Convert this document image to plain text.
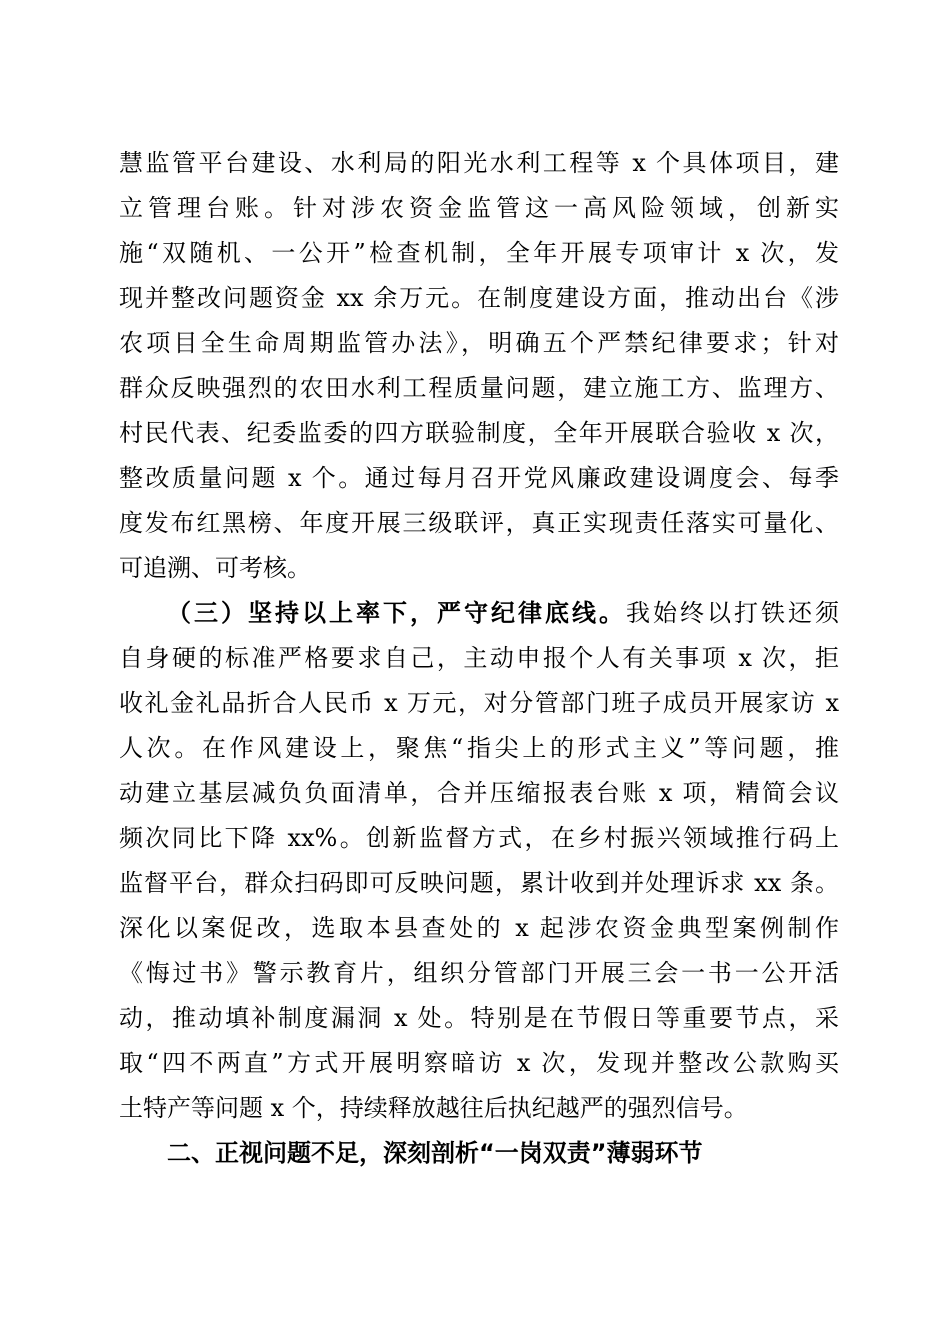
慧监管平台建设、水利局的阳光水利工程等 x 个具体项目，建
立管理台账。针对涉农资金监管这一高风险领域，创新实
施“双随机、一公开”检查机制，全年开展专项审计 x 次，发
现并整改问题资金 xx 余万元。在制度建设方面，推动出台《涉
农项目全生命周期监管办法》，明确五个严禁纪律要求；针对
群众反映强烈的农田水利工程质量问题，建立施工方、监理方、
村民代表、纪委监委的四方联验制度，全年开展联合验收 x 次，
整改质量问题 x 个。通过每月召开党风廉政建设调度会、每季
度发布红黑榜、年度开展三级联评，真正实现责任落实可量化、
可追溯、可考核。
（三）坚持以上率下，严守纪律底线。我始终以打铁还须
自身硬的标准严格要求自己，主动申报个人有关事项 x 次，拒
收礼金礼品折合人民币 x 万元，对分管部门班子成员开展家访 x
人次。在作风建设上，聚焦“指尖上的形式主义”等问题，推
动建立基层减负负面清单，合并压缩报表台账 x 项，精简会议
频次同比下降 xx%。创新监督方式，在乡村振兴领域推行码上
监督平台，群众扫码即可反映问题，累计收到并处理诉求 xx 条。
深化以案促改，选取本县查处的 x 起涉农资金典型案例制作
《悔过书》警示教育片，组织分管部门开展三会一书一公开活
动，推动填补制度漏洞 x 处。特别是在节假日等重要节点，采
取“四不两直”方式开展明察暗访 x 次，发现并整改公款购买
土特产等问题 x 个，持续释放越往后执纪越严的强烈信号。
二、正视问题不足，深刻剖析“一岗双责”薄弱环节
